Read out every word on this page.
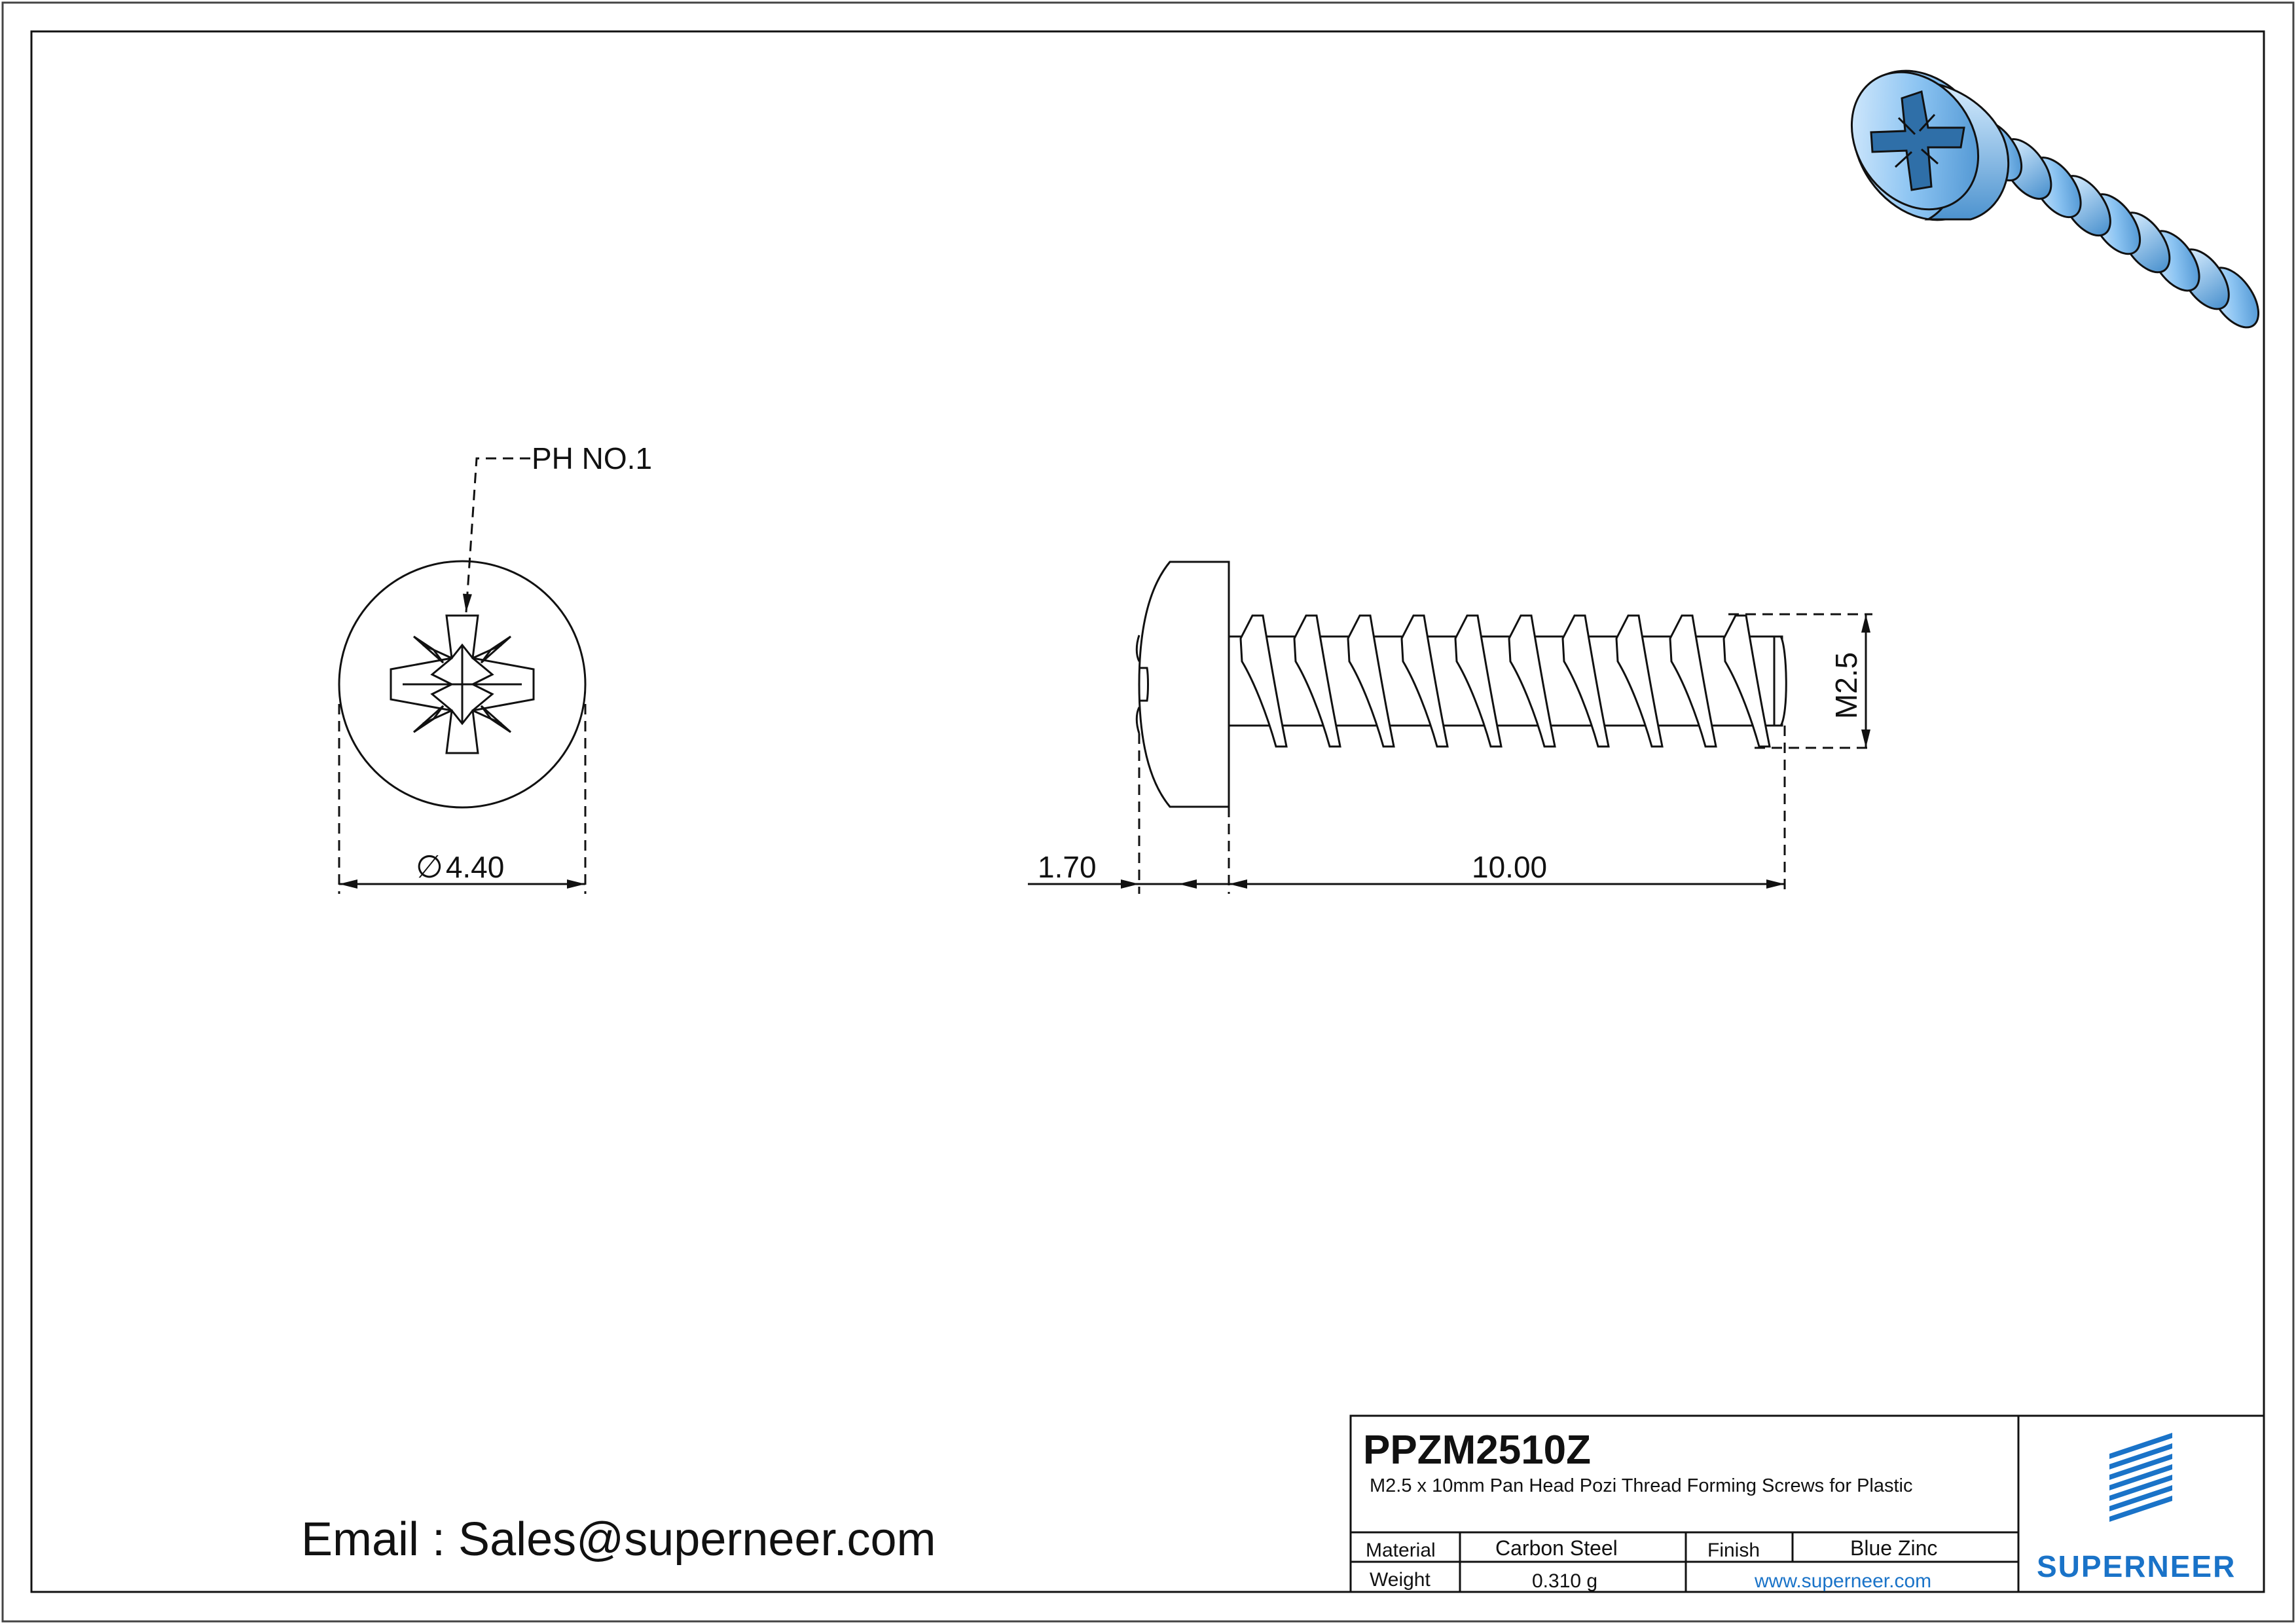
PH NO.1
∅4.40	1.70	10.00
M2.5
Email : Sales@superneer.com
PPZM2510Z
M2.5 x 10mm Pan Head Pozi Thread Forming Screws for Plastic
Material	Carbon Steel	Finish	Blue Zinc
Weight	0.310 g	www.superneer.com	SUPERNEER
